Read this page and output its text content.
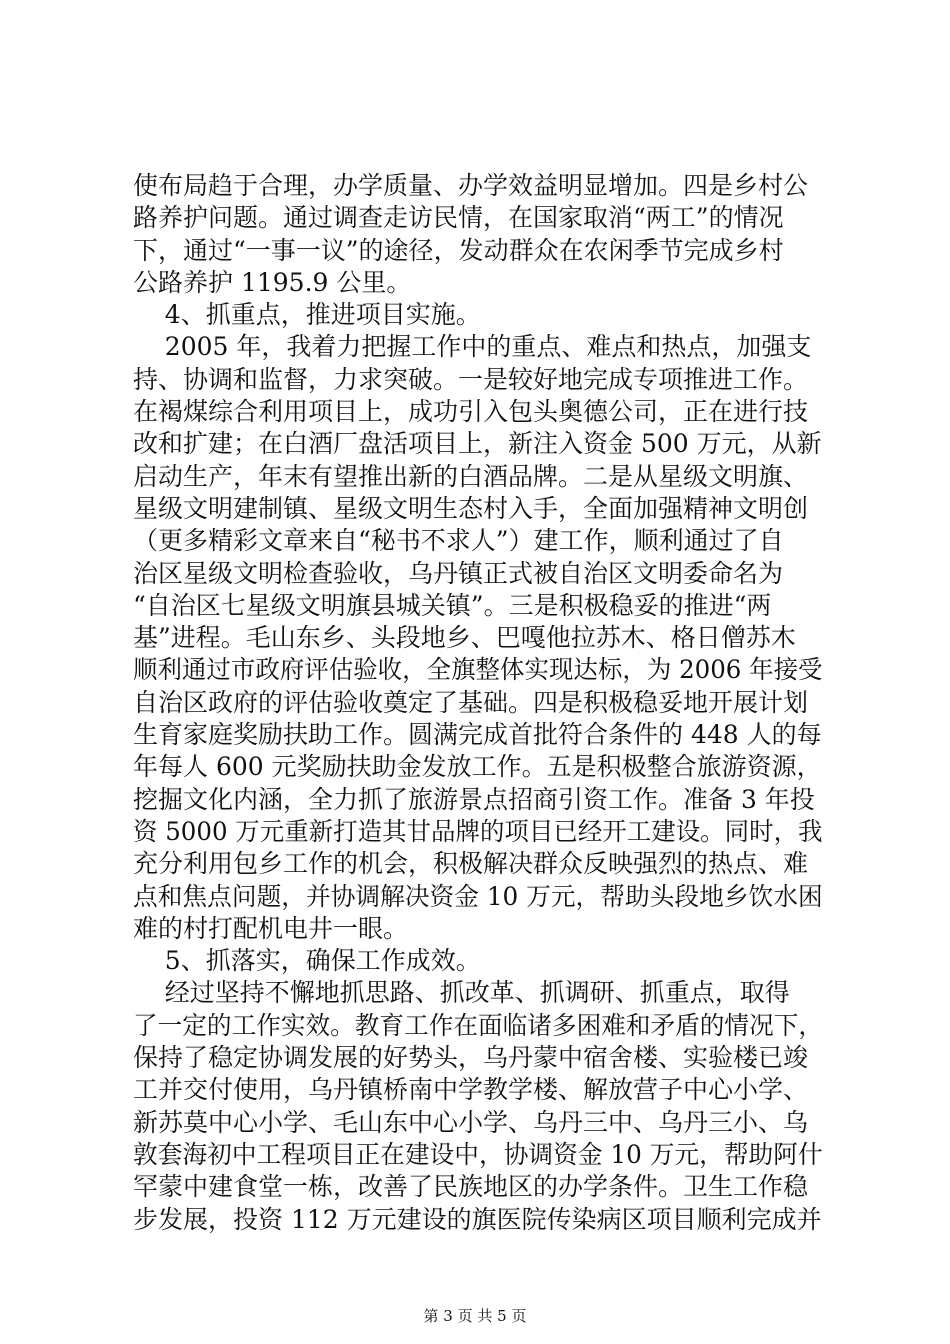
使布局趋于合理，办学质量、办学效益明显增加。四是乡村公
路养护问题。通过调查走访民情，在国家取消“两工”的情况
下，通过“一事一议”的途径，发动群众在农闲季节完成乡村
公路养护 1195.9 公里。
4、抓重点，推进项目实施。
2005 年，我着力把握工作中的重点、难点和热点，加强支
持、协调和监督，力求突破。一是较好地完成专项推进工作。
在褐煤综合利用项目上，成功引入包头奥德公司，正在进行技
改和扩建；在白酒厂盘活项目上，新注入资金 500 万元，从新
启动生产，年末有望推出新的白酒品牌。二是从星级文明旗、
星级文明建制镇、星级文明生态村入手，全面加强精神文明创
（更多精彩文章来自“秘书不求人”）建工作，顺利通过了自
治区星级文明检查验收，乌丹镇正式被自治区文明委命名为
“自治区七星级文明旗县城关镇”。三是积极稳妥的推进“两
基”进程。毛山东乡、头段地乡、巴嘎他拉苏木、格日僧苏木
顺利通过市政府评估验收，全旗整体实现达标，为 2006 年接受
自治区政府的评估验收奠定了基础。四是积极稳妥地开展计划
生育家庭奖励扶助工作。圆满完成首批符合条件的 448 人的每
年每人 600 元奖励扶助金发放工作。五是积极整合旅游资源，
挖掘文化内涵，全力抓了旅游景点招商引资工作。准备 3 年投
资 5000 万元重新打造其甘品牌的项目已经开工建设。同时，我
充分利用包乡工作的机会，积极解决群众反映强烈的热点、难
点和焦点问题，并协调解决资金 10 万元，帮助头段地乡饮水困
难的村打配机电井一眼。
5、抓落实，确保工作成效。
经过坚持不懈地抓思路、抓改革、抓调研、抓重点，取得
了一定的工作实效。教育工作在面临诸多困难和矛盾的情况下，
保持了稳定协调发展的好势头，乌丹蒙中宿舍楼、实验楼已竣
工并交付使用，乌丹镇桥南中学教学楼、解放营子中心小学、
新苏莫中心小学、毛山东中心小学、乌丹三中、乌丹三小、乌
敦套海初中工程项目正在建设中，协调资金 10 万元，帮助阿什
罕蒙中建食堂一栋，改善了民族地区的办学条件。卫生工作稳
步发展，投资 112 万元建设的旗医院传染病区项目顺利完成并
第 3 页 共 5 页
